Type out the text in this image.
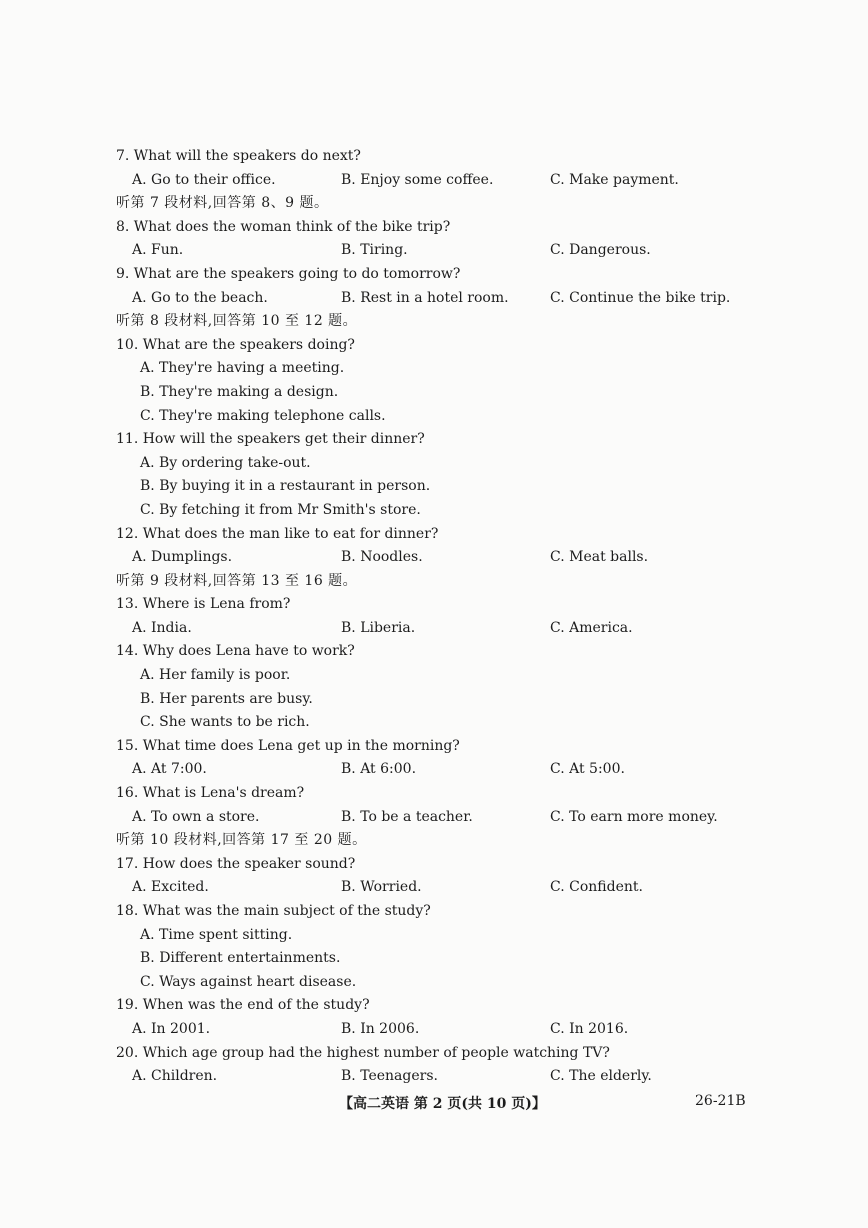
7. What will the speakers do next?
A. Go to their office.	B. Enjoy some coffee.	C. Make payment.
听第 7 段材料,回答第 8、9 题。
8. What does the woman think of the bike trip?
A. Fun.	B. Tiring.	C. Dangerous.
9. What are the speakers going to do tomorrow?
A. Go to the beach.	B. Rest in a hotel room.	C. Continue the bike trip.
听第 8 段材料,回答第 10 至 12 题。
10. What are the speakers doing?
A. They're having a meeting.
B. They're making a design.
C. They're making telephone calls.
11. How will the speakers get their dinner?
A. By ordering take-out.
B. By buying it in a restaurant in person.
C. By fetching it from Mr Smith's store.
12. What does the man like to eat for dinner?
A. Dumplings.	B. Noodles.	C. Meat balls.
听第 9 段材料,回答第 13 至 16 题。
13. Where is Lena from?
A. India.	B. Liberia.	C. America.
14. Why does Lena have to work?
A. Her family is poor.
B. Her parents are busy.
C. She wants to be rich.
15. What time does Lena get up in the morning?
A. At 7:00.	B. At 6:00.	C. At 5:00.
16. What is Lena's dream?
A. To own a store.	B. To be a teacher.	C. To earn more money.
听第 10 段材料,回答第 17 至 20 题。
17. How does the speaker sound?
A. Excited.	B. Worried.	C. Confident.
18. What was the main subject of the study?
A. Time spent sitting.
B. Different entertainments.
C. Ways against heart disease.
19. When was the end of the study?
A. In 2001.	B. In 2006.	C. In 2016.
20. Which age group had the highest number of people watching TV?
A. Children.	B. Teenagers.	C. The elderly.
【高二英语 第 2 页(共 10 页)】	26-21B
